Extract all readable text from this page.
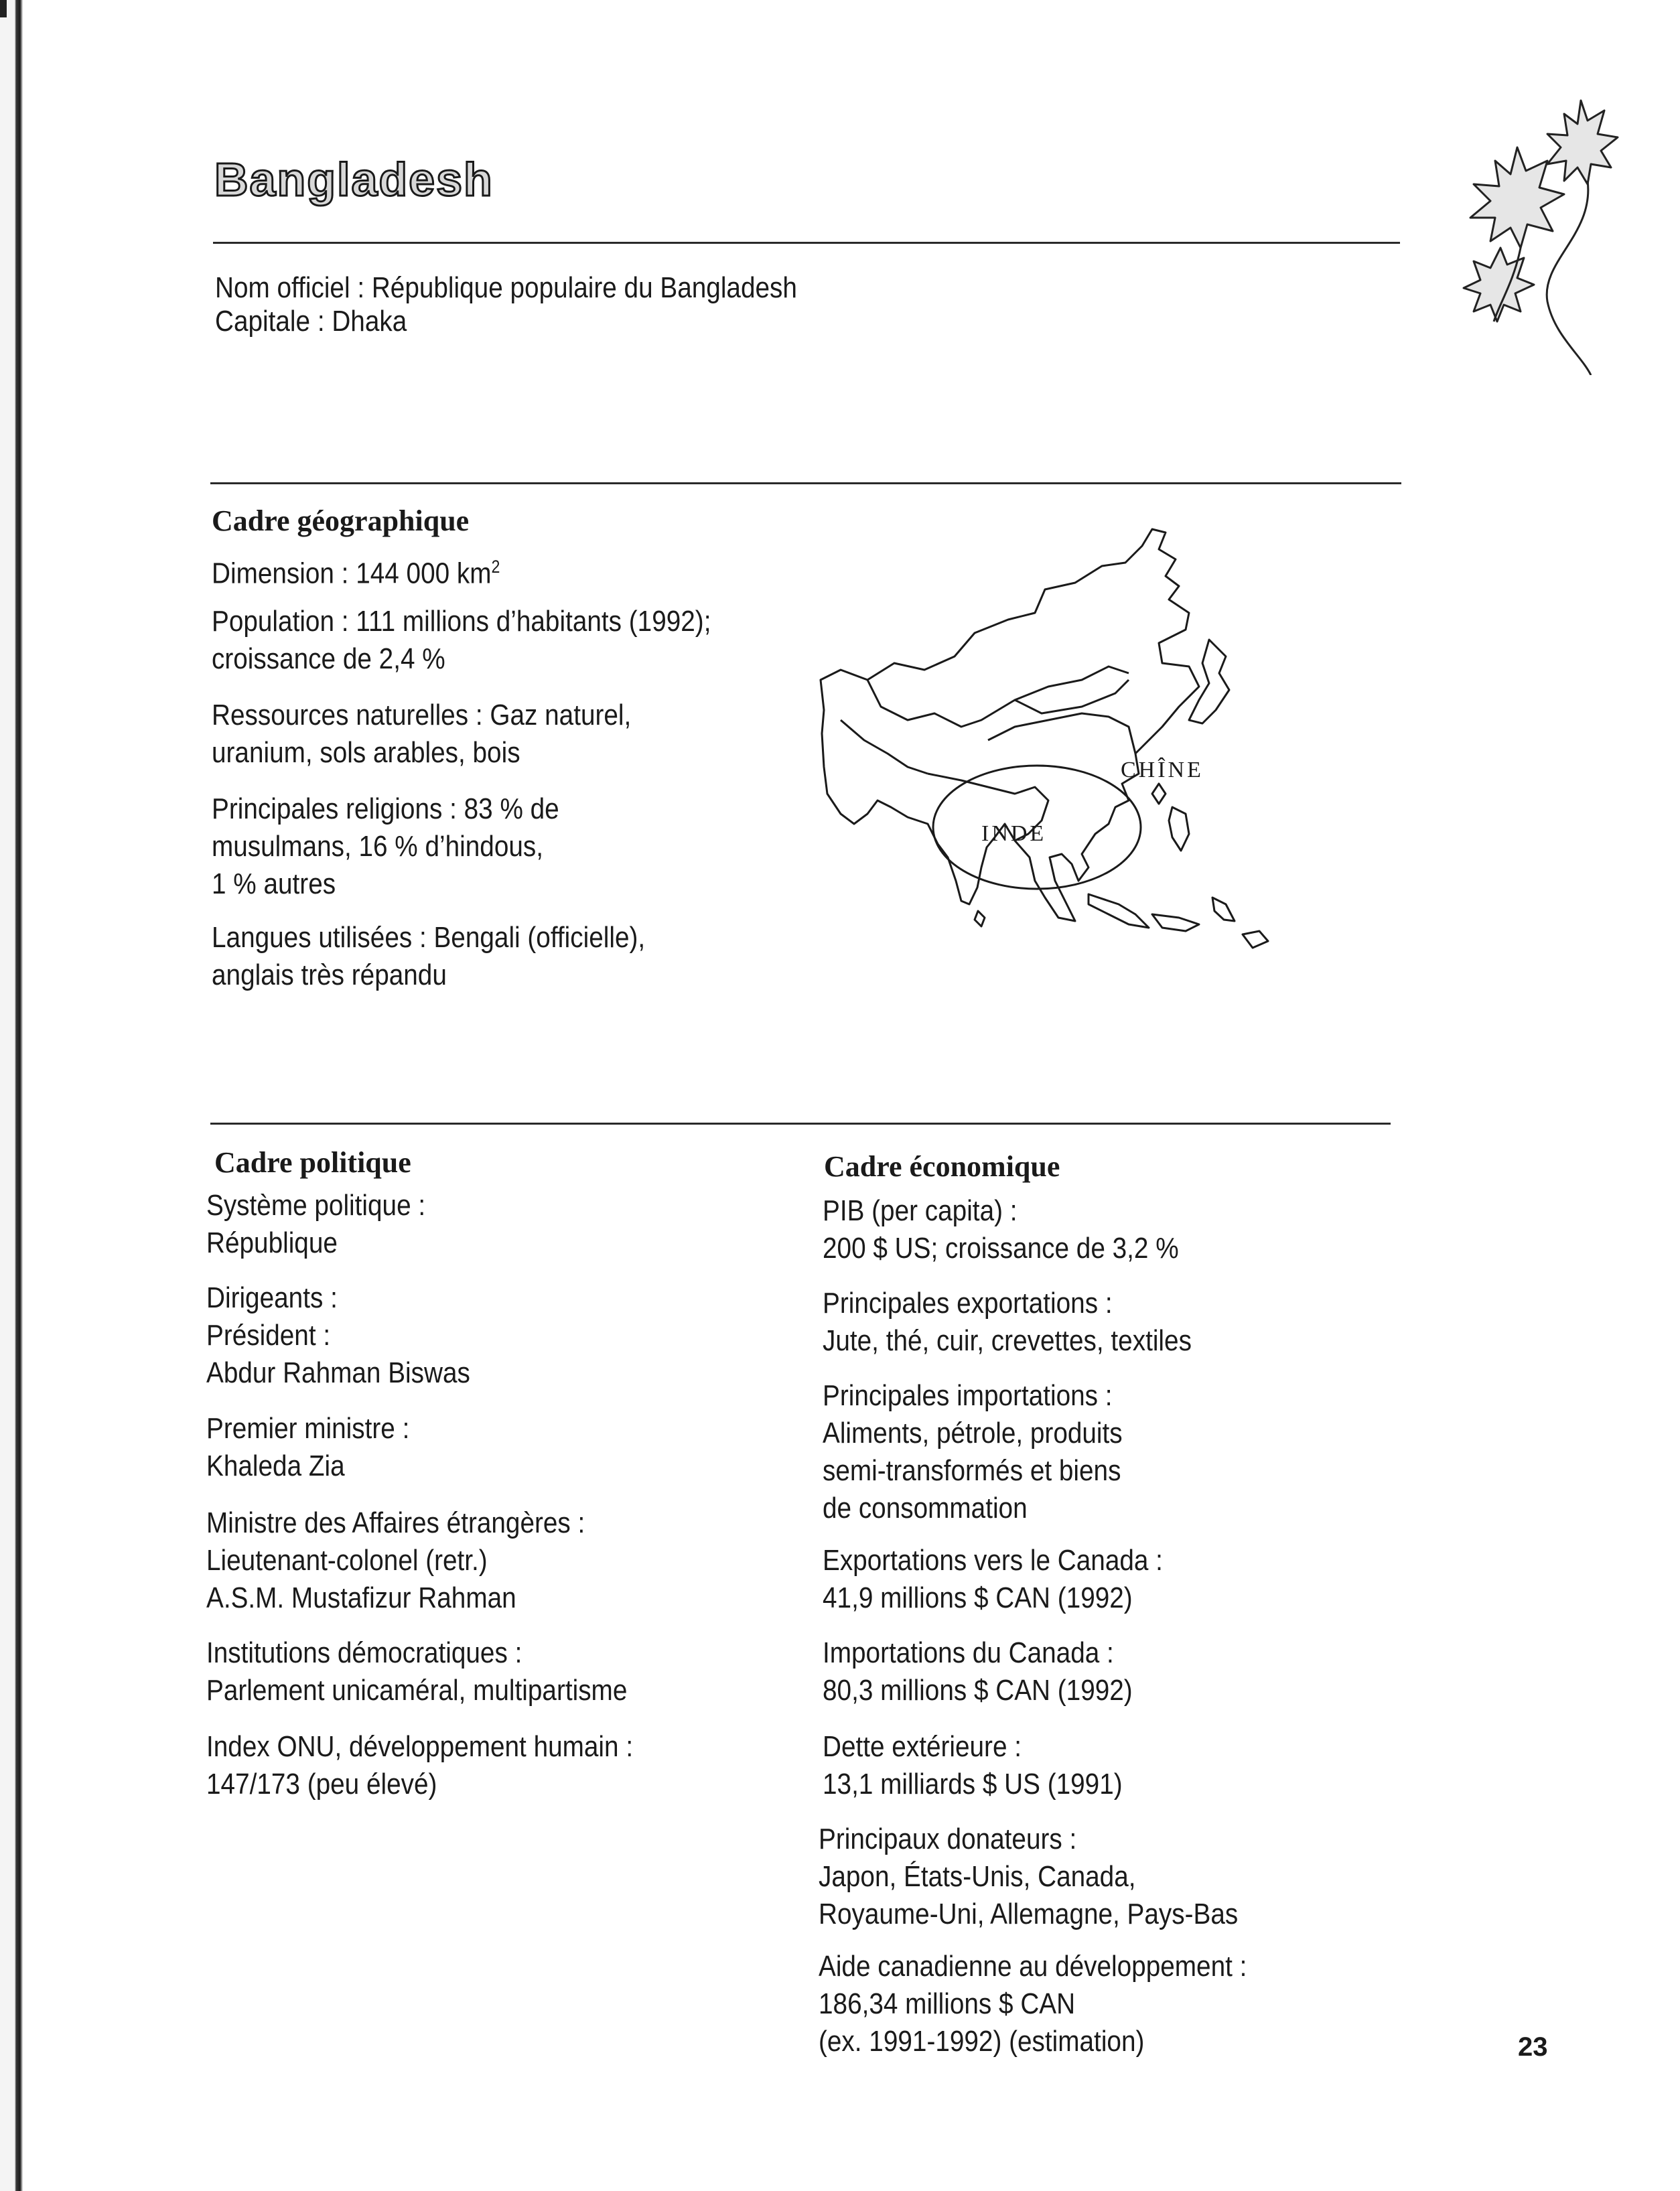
Bangladesh
Nom officiel : République populaire du Bangladesh
Capitale : Dhaka
Cadre géographique
Dimension : 144 000 $km^2$
Population : 111 millions d’habitants (1992);
croissance de 2,4 %
Ressources naturelles : Gaz naturel,
uranium, sols arables, bois
Principales religions : 83 % de
musulmans, 16 % d’hindous,
1 % autres
Langues utilisées : Bengali (officielle),
anglais très répandu
CHÎNE
INDE
Cadre politique
Système politique :
République
Dirigeants :
Président :
Abdur Rahman Biswas
Premier ministre :
Khaleda Zia
Ministre des Affaires étrangères :
Lieutenant-colonel (retr.)
A.S.M. Mustafizur Rahman
Institutions démocratiques :
Parlement unicaméral, multipartisme
Index ONU, développement humain :
147/173 (peu élevé)
Cadre économique
PIB (per capita) :
200 $ US; croissance de 3,2 %
Principales exportations :
Jute, thé, cuir, crevettes, textiles
Principales importations :
Aliments, pétrole, produits
semi-transformés et biens
de consommation
Exportations vers le Canada :
41,9 millions $ CAN (1992)
Importations du Canada :
80,3 millions $ CAN (1992)
Dette extérieure :
13,1 milliards $ US (1991)
Principaux donateurs :
Japon, États-Unis, Canada,
Royaume-Uni, Allemagne, Pays-Bas
Aide canadienne au développement :
186,34 millions $ CAN
(ex. 1991-1992) (estimation)	23
